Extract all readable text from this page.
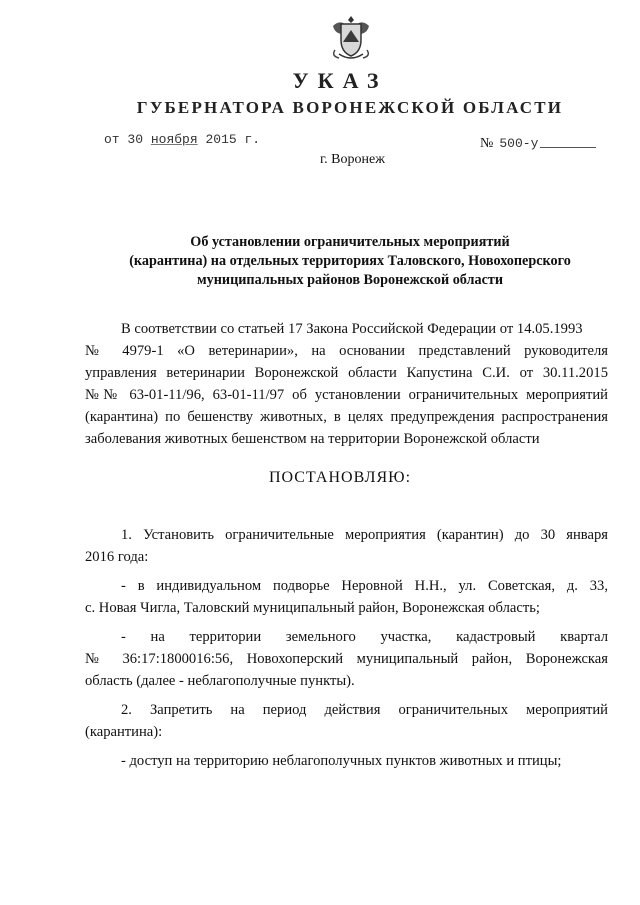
УКАЗ
ГУБЕРНАТОРА ВОРОНЕЖСКОЙ ОБЛАСТИ
от 30 ноября 2015 г.	№ 500-у
г. Воронеж
Об установлении ограничительных мероприятий
(карантина) на отдельных территориях Таловского, Новохоперского
муниципальных районов Воронежской области
В соответствии со статьей 17 Закона Российской Федерации от 14.05.1993
№ 4979-1 «О ветеринарии», на основании представлений руководителя
управления ветеринарии Воронежской области Капустина С.И. от 30.11.2015
№№ 63-01-11/96, 63-01-11/97 об установлении ограничительных мероприятий
(карантина) по бешенству животных, в целях предупреждения распространения
заболевания животных бешенством на территории Воронежской области
ПОСТАНОВЛЯЮ:
1. Установить ограничительные мероприятия (карантин) до 30 января
2016 года:
- в индивидуальном подворье Неровной Н.Н., ул. Советская, д. 33,
с. Новая Чигла, Таловский муниципальный район, Воронежская область;
- на территории земельного участка, кадастровый квартал
№ 36:17:1800016:56, Новохоперский муниципальный район, Воронежская
область (далее - неблагополучные пункты).
2. Запретить на период действия ограничительных мероприятий
(карантина):
- доступ на территорию неблагополучных пунктов животных и птицы;
